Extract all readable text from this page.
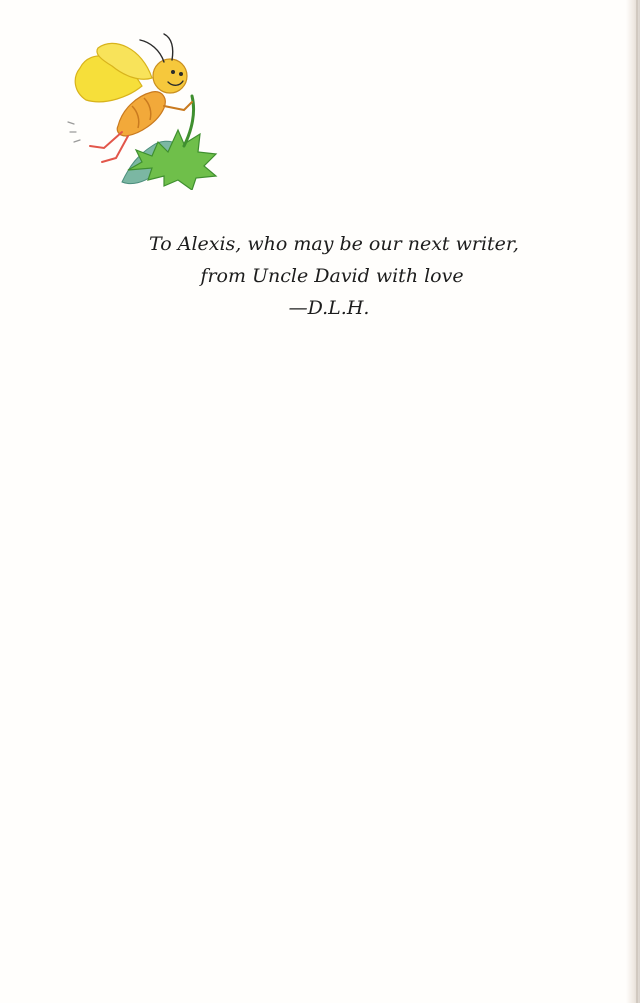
To Alexis, who may be our next writer,
from Uncle David with love
—D.L.H.
